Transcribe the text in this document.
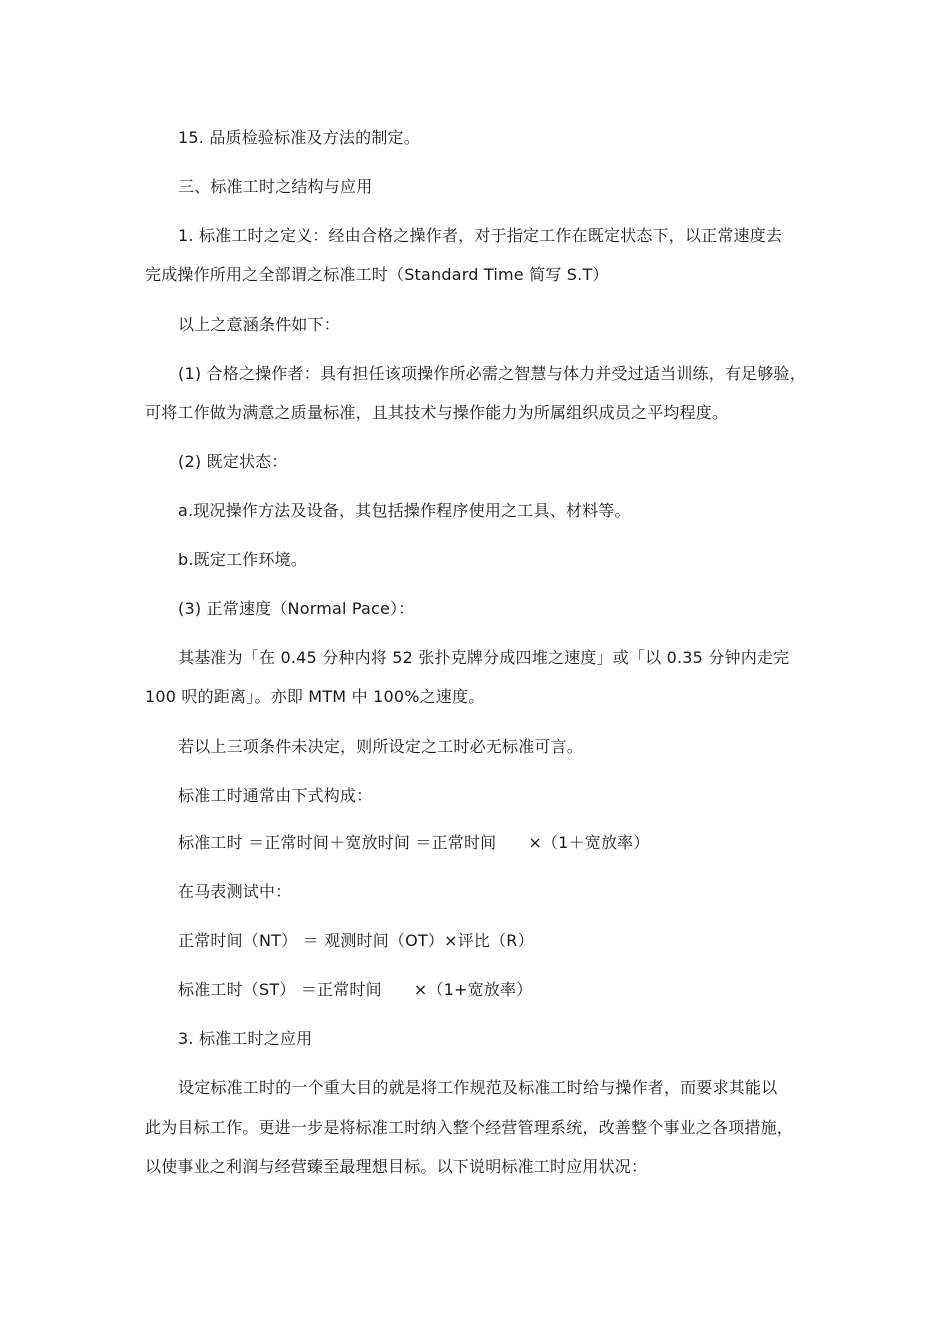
15. 品质检验标准及方法的制定。
三、标准工时之结构与应用
1. 标准工时之定义：经由合格之操作者，对于指定工作在既定状态下，以正常速度去
完成操作所用之全部谓之标准工时（Standard Time 简写 S.T）
以上之意涵条件如下：
(1) 合格之操作者：具有担任该项操作所必需之智慧与体力并受过适当训练，有足够验，
可将工作做为满意之质量标准，且其技术与操作能力为所属组织成员之平均程度。
(2) 既定状态：
a.现况操作方法及设备，其包括操作程序使用之工具、材料等。
b.既定工作环境。
(3) 正常速度（Normal Pace）：
其基准为「在 0.45 分种内将 52 张扑克牌分成四堆之速度」或「以 0.35 分钟内走完
100 呎的距离」。亦即 MTM 中 100%之速度。
若以上三项条件未决定，则所设定之工时必无标准可言。
标准工时通常由下式构成：
标准工时 ＝正常时间＋宽放时间 ＝正常时间 ×（1＋宽放率）
在马表测试中：
正常时间（NT） ＝ 观测时间（OT）×评比（R）
标准工时（ST） ＝正常时间 ×（1+宽放率）
3. 标准工时之应用
设定标准工时的一个重大目的就是将工作规范及标准工时给与操作者，而要求其能以
此为目标工作。更进一步是将标准工时纳入整个经营管理系统，改善整个事业之各项措施，
以使事业之利润与经营臻至最理想目标。以下说明标准工时应用状况：
